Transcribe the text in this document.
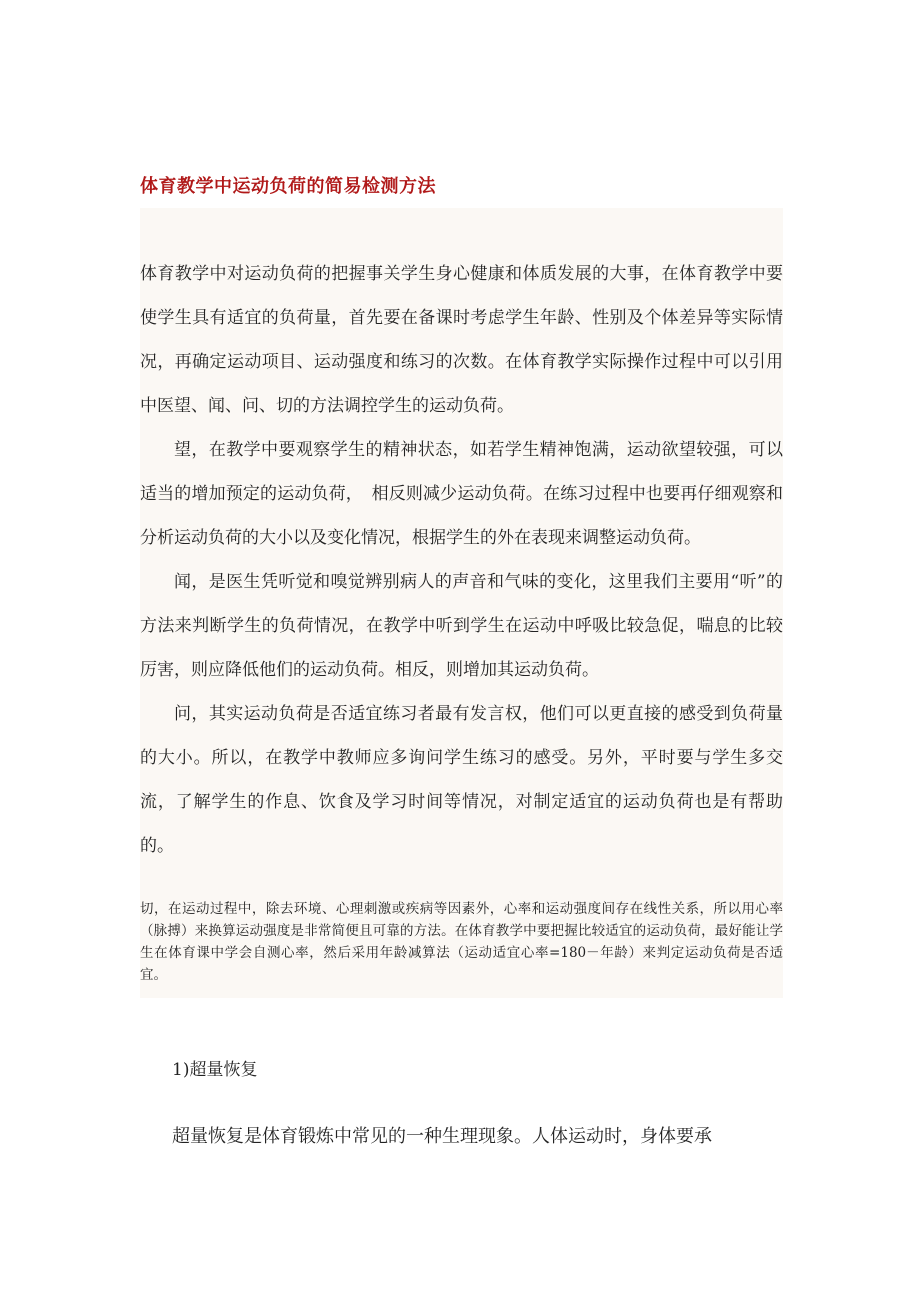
体育教学中运动负荷的简易检测方法

体育教学中对运动负荷的把握事关学生身心健康和体质发展的大事，在体育教学中要使学生具有适宜的负荷量，首先要在备课时考虑学生年龄、性别及个体差异等实际情况，再确定运动项目、运动强度和练习的次数。在体育教学实际操作过程中可以引用中医望、闻、问、切的方法调控学生的运动负荷。

望，在教学中要观察学生的精神状态，如若学生精神饱满，运动欲望较强，可以适当的增加预定的运动负荷，　相反则减少运动负荷。在练习过程中也要再仔细观察和分析运动负荷的大小以及变化情况，根据学生的外在表现来调整运动负荷。

闻，是医生凭听觉和嗅觉辨别病人的声音和气味的变化，这里我们主要用“听”的方法来判断学生的负荷情况，在教学中听到学生在运动中呼吸比较急促，喘息的比较厉害，则应降低他们的运动负荷。相反，则增加其运动负荷。

问，其实运动负荷是否适宜练习者最有发言权，他们可以更直接的感受到负荷量的大小。所以，在教学中教师应多询问学生练习的感受。另外，平时要与学生多交流，了解学生的作息、饮食及学习时间等情况，对制定适宜的运动负荷也是有帮助的。

切，在运动过程中，除去环境、心理刺激或疾病等因素外，心率和运动强度间存在线性关系，所以用心率（脉搏）来换算运动强度是非常简便且可靠的方法。在体育教学中要把握比较适宜的运动负荷，最好能让学生在体育课中学会自测心率，然后采用年龄减算法（运动适宜心率=180－年龄）来判定运动负荷是否适宜。

1)超量恢复
超量恢复是体育锻炼中常见的一种生理现象。人体运动时，身体要承
